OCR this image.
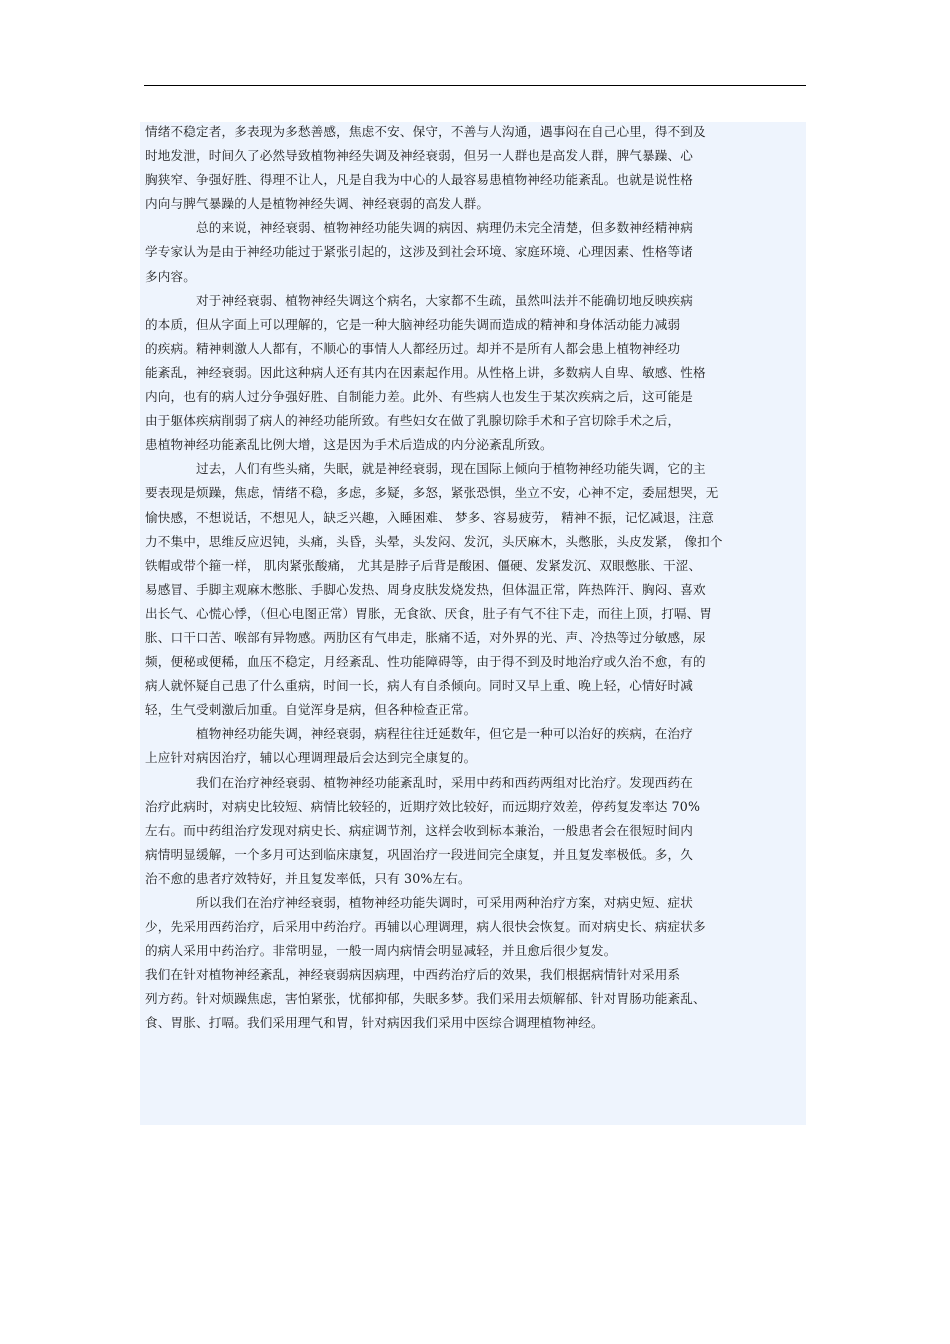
情绪不稳定者，多表现为多愁善感，焦虑不安、保守，不善与人沟通，遇事闷在自己心里，得不到及

时地发泄，时间久了必然导致植物神经失调及神经衰弱，但另一人群也是高发人群，脾气暴躁、心

胸狭窄、争强好胜、得理不让人，凡是自我为中心的人最容易患植物神经功能紊乱。也就是说性格

内向与脾气暴躁的人是植物神经失调、神经衰弱的高发人群。

总的来说，神经衰弱、植物神经功能失调的病因、病理仍未完全清楚，但多数神经精神病

学专家认为是由于神经功能过于紧张引起的，这涉及到社会环境、家庭环境、心理因素、性格等诸

多内容。

对于神经衰弱、植物神经失调这个病名，大家都不生疏，虽然叫法并不能确切地反映疾病

的本质，但从字面上可以理解的，它是一种大脑神经功能失调而造成的精神和身体活动能力减弱

的疾病。精神刺激人人都有，不顺心的事情人人都经历过。却并不是所有人都会患上植物神经功

能紊乱，神经衰弱。因此这种病人还有其内在因素起作用。从性格上讲，多数病人自卑、敏感、性格

内向，也有的病人过分争强好胜、自制能力差。此外、有些病人也发生于某次疾病之后，这可能是

由于躯体疾病削弱了病人的神经功能所致。有些妇女在做了乳腺切除手术和子宫切除手术之后，

患植物神经功能紊乱比例大增，这是因为手术后造成的内分泌紊乱所致。

过去，人们有些头痛，失眠，就是神经衰弱，现在国际上倾向于植物神经功能失调，它的主

要表现是烦躁，焦虑，情绪不稳，多虑，多疑，多怒，紧张恐惧，坐立不安，心神不定，委屈想哭，无

愉快感，不想说话，不想见人，缺乏兴趣，入睡困难、 梦多、容易疲劳， 精神不振，记忆减退，注意

力不集中，思维反应迟钝，头痛，头昏，头晕，头发闷、发沉，头厌麻木，头憋胀，头皮发紧， 像扣个

铁帽或带个箍一样， 肌肉紧张酸痛， 尤其是脖子后背是酸困、僵硬、发紧发沉、双眼憋胀、干涩、

易感冒、手脚主观麻木憋胀、手脚心发热、周身皮肤发烧发热，但体温正常，阵热阵汗、胸闷、喜欢

出长气、心慌心悸，（但心电图正常）胃胀，无食欲、厌食，肚子有气不往下走，而往上顶，打嗝、胃

胀、口干口苦、喉部有异物感。两肋区有气串走，胀痛不适，对外界的光、声、冷热等过分敏感，尿

频，便秘或便稀，血压不稳定，月经紊乱、性功能障碍等，由于得不到及时地治疗或久治不愈，有的

病人就怀疑自己患了什么重病，时间一长，病人有自杀倾向。同时又早上重、晚上轻，心情好时减

轻，生气受刺激后加重。自觉浑身是病，但各种检查正常。

植物神经功能失调，神经衰弱，病程往往迁延数年，但它是一种可以治好的疾病，在治疗

上应针对病因治疗，辅以心理调理最后会达到完全康复的。

我们在治疗神经衰弱、植物神经功能紊乱时，采用中药和西药两组对比治疗。发现西药在

治疗此病时，对病史比较短、病情比较轻的，近期疗效比较好，而远期疗效差，停药复发率达 70%

左右。而中药组治疗发现对病史长、病症调节剂，这样会收到标本兼治，一般患者会在很短时间内

病情明显缓解，一个多月可达到临床康复，巩固治疗一段进间完全康复，并且复发率极低。多，久

治不愈的患者疗效特好，并且复发率低，只有 30%左右。

所以我们在治疗神经衰弱，植物神经功能失调时，可采用两种治疗方案，对病史短、症状

少，先采用西药治疗，后采用中药治疗。再辅以心理调理，病人很快会恢复。而对病史长、病症状多

的病人采用中药治疗。非常明显，一般一周内病情会明显减轻，并且愈后很少复发。

我们在针对植物神经紊乱，神经衰弱病因病理，中西药治疗后的效果，我们根据病情针对采用系

列方药。针对烦躁焦虑，害怕紧张，忧郁抑郁，失眠多梦。我们采用去烦解郁、针对胃肠功能紊乱、

食、胃胀、打嗝。我们采用理气和胃，针对病因我们采用中医综合调理植物神经。
